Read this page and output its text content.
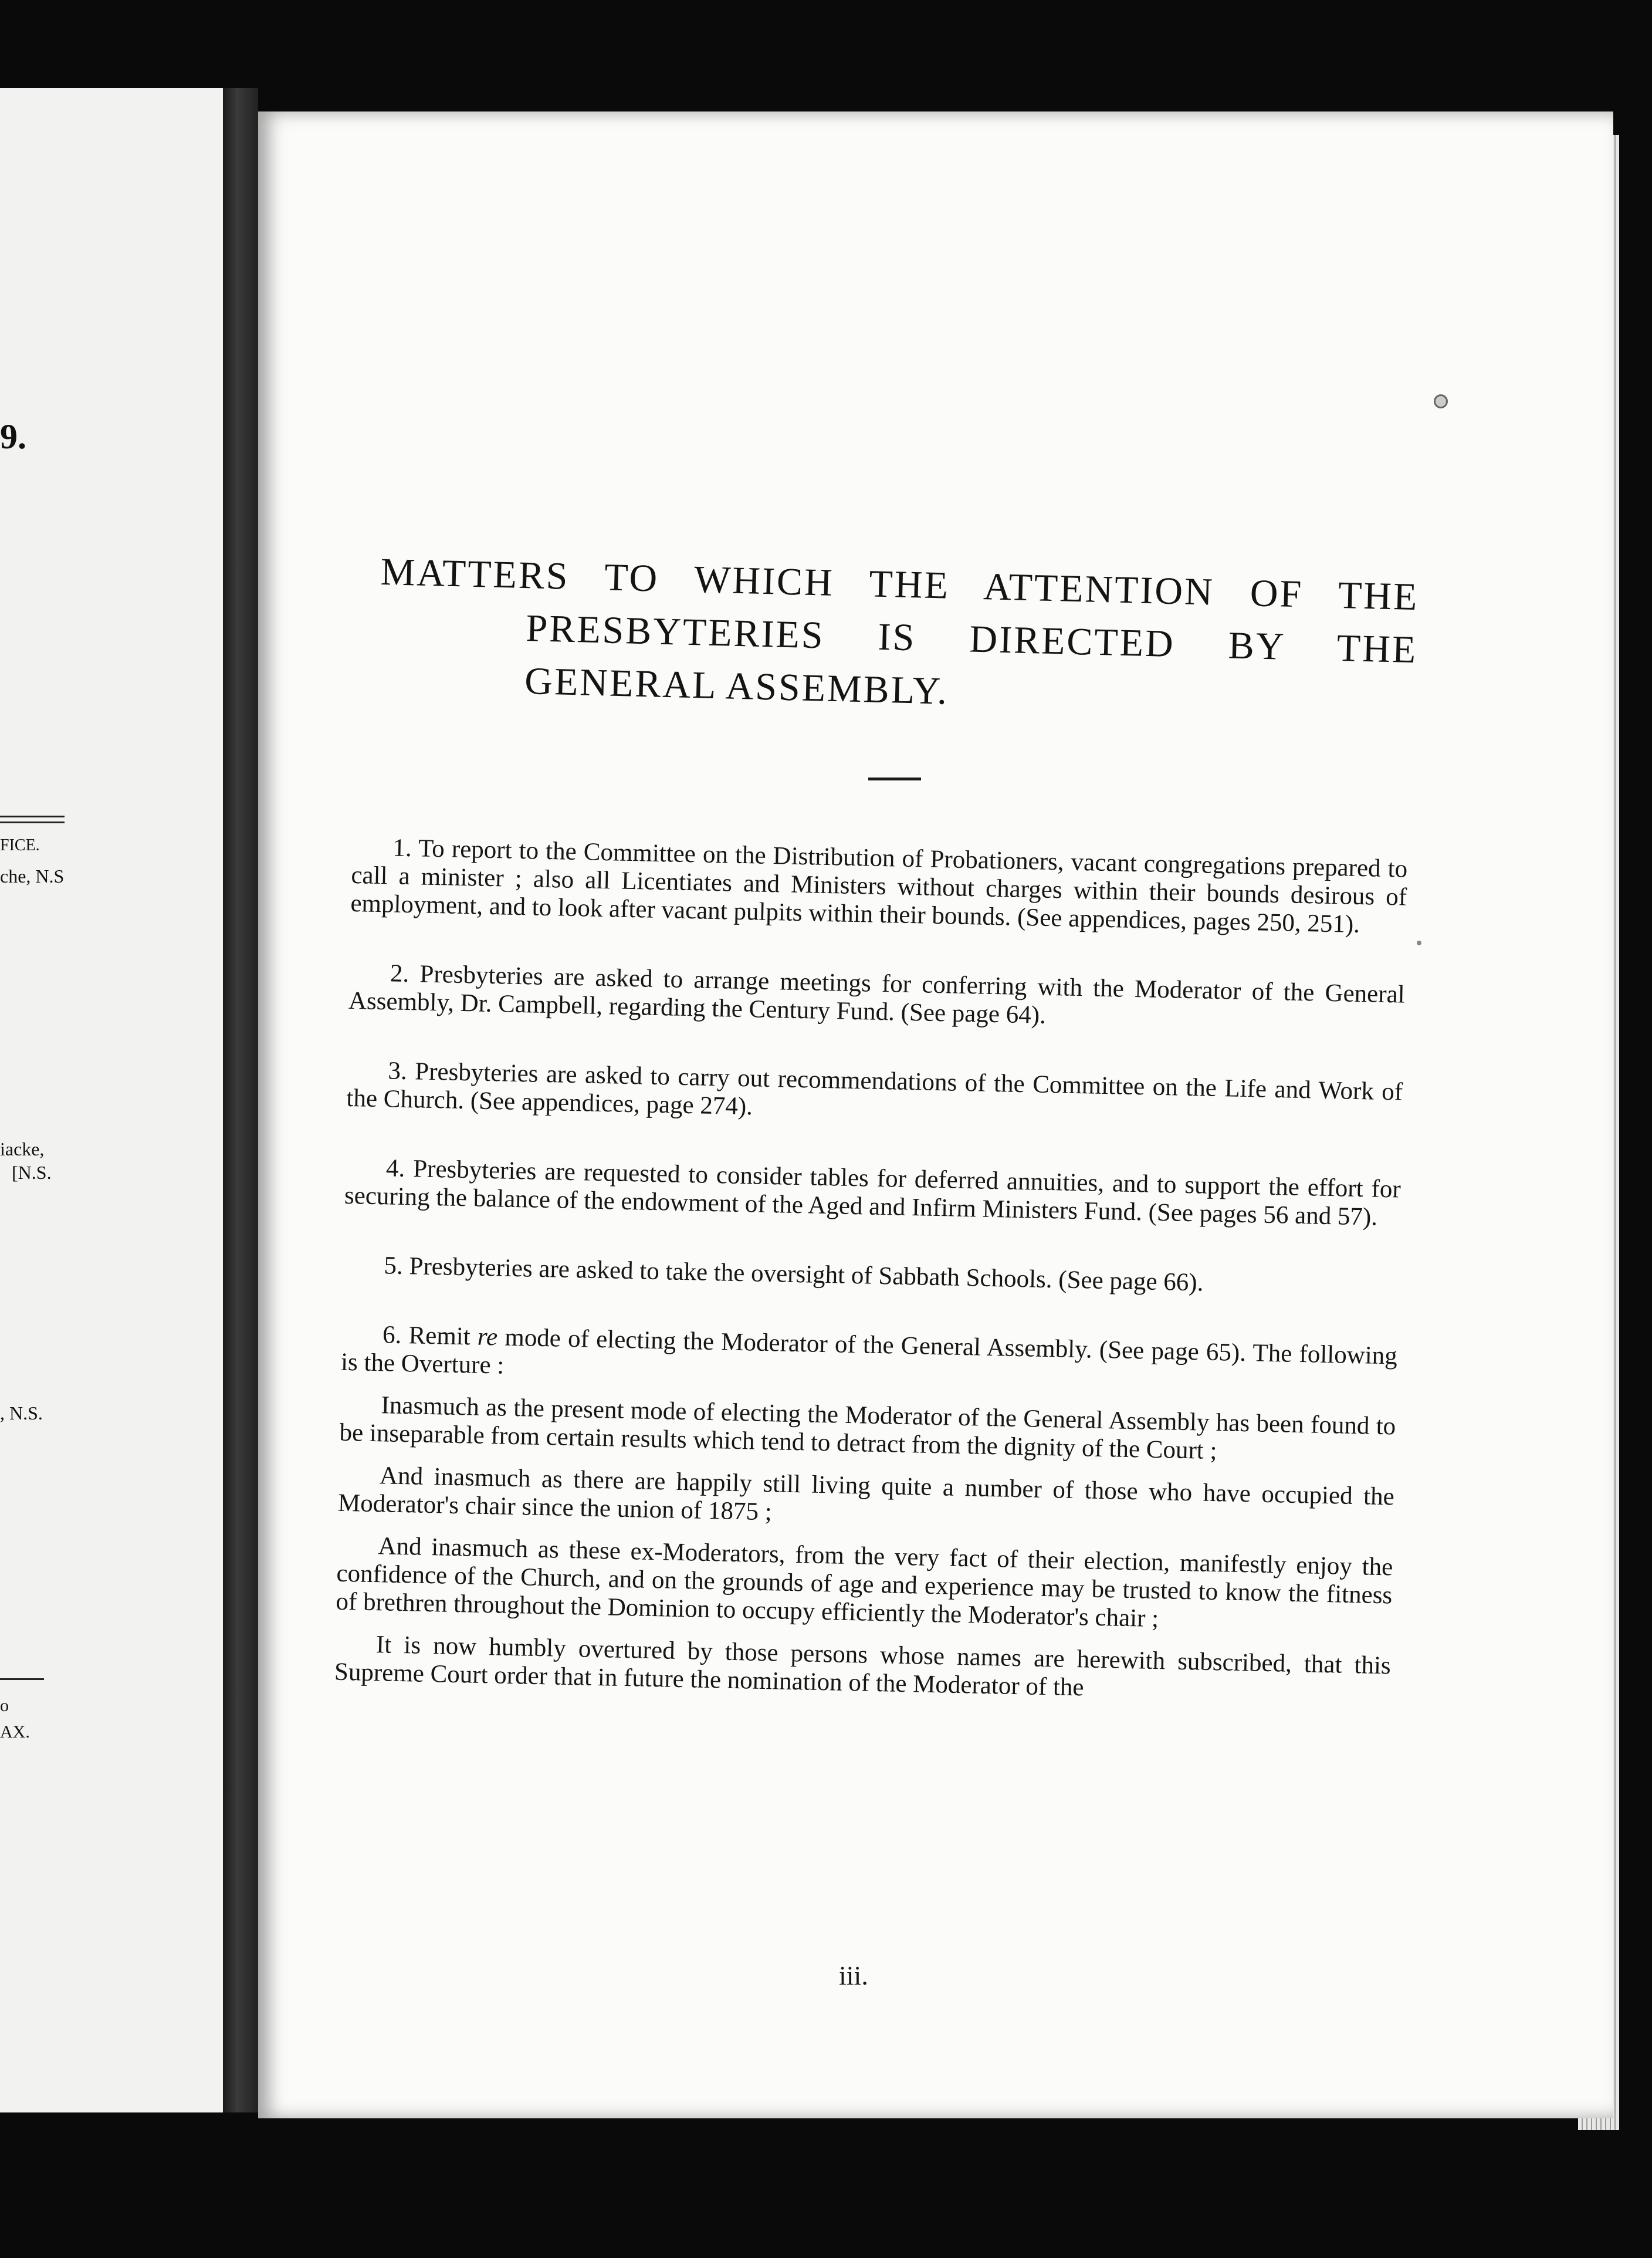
9.
FICE.
che, N.S
iacke,
[N.S.
, N.S.
o
AX.
MATTERS TO WHICH THE ATTENTION OF THE
PRESBYTERIES IS DIRECTED BY THE
GENERAL ASSEMBLY.

1. To report to the Committee on the Distribution of Probationers, vacant congregations prepared to call a minister ; also all Licentiates and Ministers without charges within their bounds desirous of employment, and to look after vacant pulpits within their bounds. (See appendices, pages 250, 251).

2. Presbyteries are asked to arrange meetings for conferring with the Moderator of the General Assembly, Dr. Campbell, regarding the Century Fund. (See page 64).

3. Presbyteries are asked to carry out recommendations of the Committee on the Life and Work of the Church. (See appendices, page 274).

4. Presbyteries are requested to consider tables for deferred annuities, and to support the effort for securing the balance of the endowment of the Aged and Infirm Ministers Fund. (See pages 56 and 57).

5. Presbyteries are asked to take the oversight of Sabbath Schools. (See page 66).

6. Remit re mode of electing the Moderator of the General Assembly. (See page 65). The following is the Overture :

Inasmuch as the present mode of electing the Moderator of the General Assembly has been found to be inseparable from certain results which tend to detract from the dignity of the Court ;

And inasmuch as there are happily still living quite a number of those who have occupied the Moderator's chair since the union of 1875 ;

And inasmuch as these ex-Moderators, from the very fact of their election, manifestly enjoy the confidence of the Church, and on the grounds of age and experience may be trusted to know the fitness of brethren throughout the Dominion to occupy efficiently the Moderator's chair ;

It is now humbly overtured by those persons whose names are herewith subscribed, that this Supreme Court order that in future the nomination of the Moderator of the

iii.
